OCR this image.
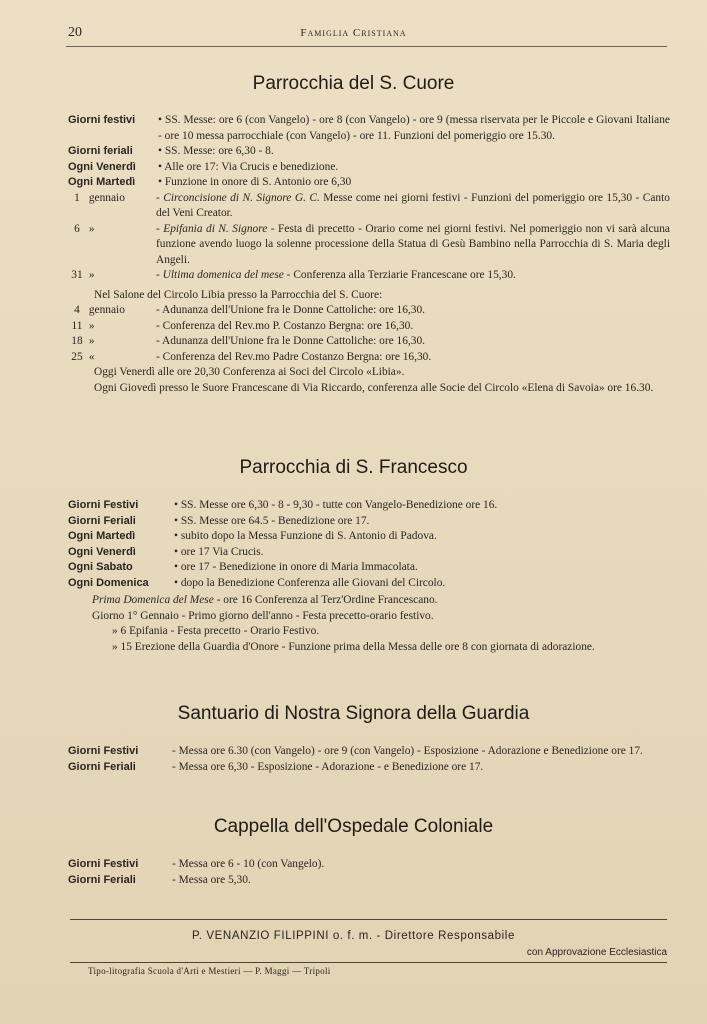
20	Famiglia Cristiana
Parrocchia del S. Cuore
Giorni festivi	• SS. Messe: ore 6 (con Vangelo) - ore 8 (con Vangelo) - ore 9 (messa riservata per le Piccole e Giovani Italiane - ore 10 messa parrocchiale (con Vangelo) - ore 11. Funzioni del pomeriggio ore 15.30.
Giorni feriali	• SS. Messe: ore 6,30 - 8.
Ogni Venerdì	• Alle ore 17: Via Crucis e benedizione.
Ogni Martedì	• Funzione in onore di S. Antonio ore 6,30
1 gennaio	- Circoncisione di N. Signore G. C. Messe come nei giorni festivi - Funzioni del pomeriggio ore 15,30 - Canto del Veni Creator.
6 »	- Epifania di N. Signore - Festa di precetto - Orario come nei giorni festivi. Nel pomeriggio non vi sarà alcuna funzione avendo luogo la solenne processione della Statua di Gesù Bambino nella Parrocchia di S. Maria degli Angeli.
31 »	- Ultima domenica del mese - Conferenza alla Terziarie Francescane ore 15,30.
Nel Salone del Circolo Libia presso la Parrocchia del S. Cuore:
4 gennaio	- Adunanza dell'Unione fra le Donne Cattoliche: ore 16,30.
11 »	- Conferenza del Rev.mo P. Costanzo Bergna: ore 16,30.
18 »	- Adunanza dell'Unione fra le Donne Cattoliche: ore 16,30.
25 «	- Conferenza del Rev.mo Padre Costanzo Bergna: ore 16,30.
Oggi Venerdì alle ore 20,30 Conferenza ai Soci del Circolo «Libia».
Ogni Giovedì presso le Suore Francescane di Via Riccardo, conferenza alle Socie del Circolo «Elena di Savoia» ore 16.30.
Parrocchia di S. Francesco
Giorni Festivi	• SS. Messe ore 6,30 - 8 - 9,30 - tutte con Vangelo-Benedizione ore 16.
Giorni Feriali	• SS. Messe ore 64.5 - Benedizione ore 17.
Ogni Martedì	• subito dopo la Messa Funzione di S. Antonio di Padova.
Ogni Venerdì	• ore 17 Via Crucis.
Ogni Sabato	• ore 17 - Benedizione in onore di Maria Immacolata.
Ogni Domenica	• dopo la Benedizione Conferenza alle Giovani del Circolo.
Prima Domenica del Mese - ore 16 Conferenza al Terz'Ordine Francescano.
Giorno 1° Gennaio - Primo giorno dell'anno - Festa precetto-orario festivo.
» 6 Epifania - Festa precetto - Orario Festivo.
» 15 Erezione della Guardia d'Onore - Funzione prima della Messa delle ore 8 con giornata di adorazione.
Santuario di Nostra Signora della Guardia
Giorni Festivi	- Messa ore 6.30 (con Vangelo) - ore 9 (con Vangelo) - Esposizione - Adorazione e Benedizione ore 17.
Giorni Feriali	- Messa ore 6,30 - Esposizione - Adorazione - e Benedizione ore 17.
Cappella dell'Ospedale Coloniale
Giorni Festivi	- Messa ore 6 - 10 (con Vangelo).
Giorni Feriali	- Messa ore 5,30.
P. VENANZIO FILIPPINI o. f. m. - Direttore Responsabile
con Approvazione Ecclesiastica
Tipo-litografia Scuola d'Arti e Mestieri — P. Maggi — Tripoli
